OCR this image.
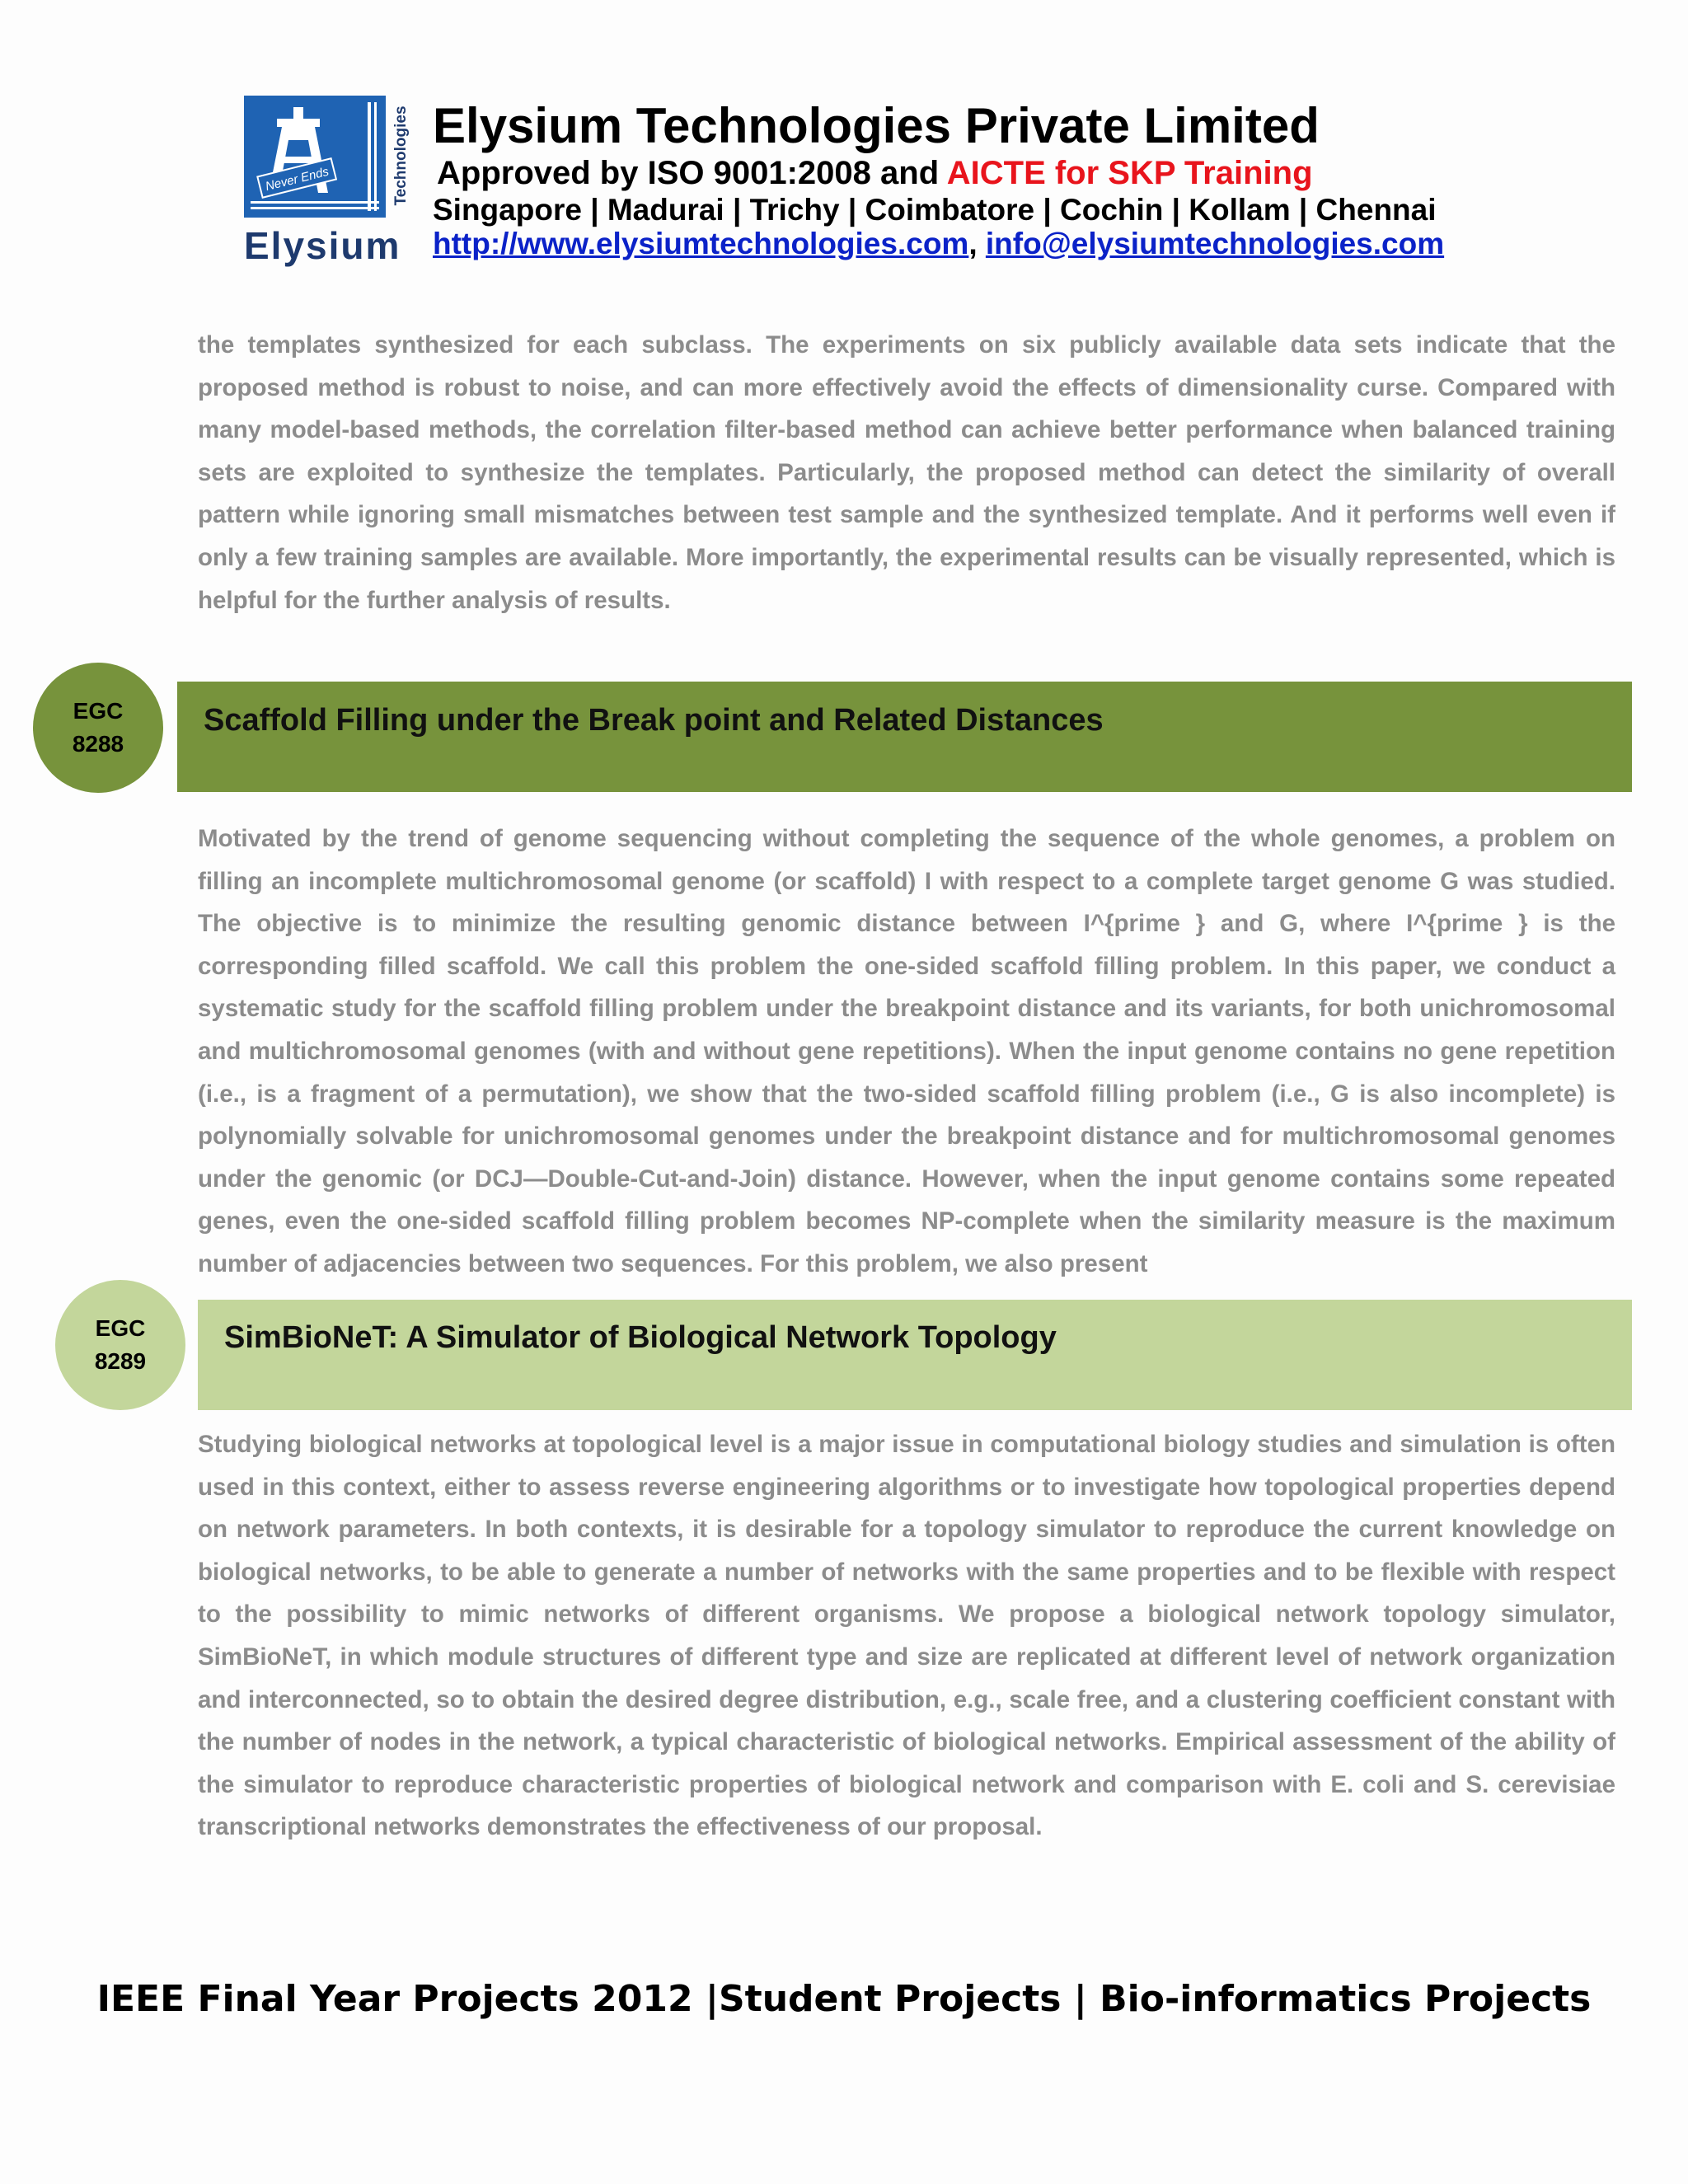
Never Ends	Technologies
Elysium
Elysium Technologies Private Limited
Approved by ISO 9001:2008 and AICTE for SKP Training
Singapore | Madurai | Trichy | Coimbatore | Cochin | Kollam | Chennai
http://www.elysiumtechnologies.com, info@elysiumtechnologies.com

the templates synthesized for each subclass. The experiments on six publicly available data sets indicate that the proposed method is robust to noise, and can more effectively avoid the effects of dimensionality curse. Compared with many model-based methods, the correlation filter-based method can achieve better performance when balanced training sets are exploited to synthesize the templates. Particularly, the proposed method can detect the similarity of overall pattern while ignoring small mismatches between test sample and the synthesized template. And it performs well even if only a few training samples are available. More importantly, the experimental results can be visually represented, which is helpful for the further analysis of results.

Scaffold Filling under the Break point and Related Distances
EGC
8288

Motivated by the trend of genome sequencing without completing the sequence of the whole genomes, a problem on filling an incomplete multichromosomal genome (or scaffold) I with respect to a complete target genome G was studied. The objective is to minimize the resulting genomic distance between I^{prime } and G, where I^{prime } is the corresponding filled scaffold. We call this problem the one-sided scaffold filling problem. In this paper, we conduct a systematic study for the scaffold filling problem under the breakpoint distance and its variants, for both unichromosomal and multichromosomal genomes (with and without gene repetitions). When the input genome contains no gene repetition (i.e., is a fragment of a permutation), we show that the two-sided scaffold filling problem (i.e., G is also incomplete) is polynomially solvable for unichromosomal genomes under the breakpoint distance and for multichromosomal genomes under the genomic (or DCJ—Double-Cut-and-Join) distance. However, when the input genome contains some repeated genes, even the one-sided scaffold filling problem becomes NP-complete when the similarity measure is the maximum number of adjacencies between two sequences. For this problem, we also present

SimBioNeT: A Simulator of Biological Network Topology
EGC
8289

Studying biological networks at topological level is a major issue in computational biology studies and simulation is often used in this context, either to assess reverse engineering algorithms or to investigate how topological properties depend on network parameters. In both contexts, it is desirable for a topology simulator to reproduce the current knowledge on biological networks, to be able to generate a number of networks with the same properties and to be flexible with respect to the possibility to mimic networks of different organisms. We propose a biological network topology simulator, SimBioNeT, in which module structures of different type and size are replicated at different level of network organization and interconnected, so to obtain the desired degree distribution, e.g., scale free, and a clustering coefficient constant with the number of nodes in the network, a typical characteristic of biological networks. Empirical assessment of the ability of the simulator to reproduce characteristic properties of biological network and comparison with E. coli and S. cerevisiae transcriptional networks demonstrates the effectiveness of our proposal.

IEEE Final Year Projects 2012 |Student Projects | Bio-informatics Projects
